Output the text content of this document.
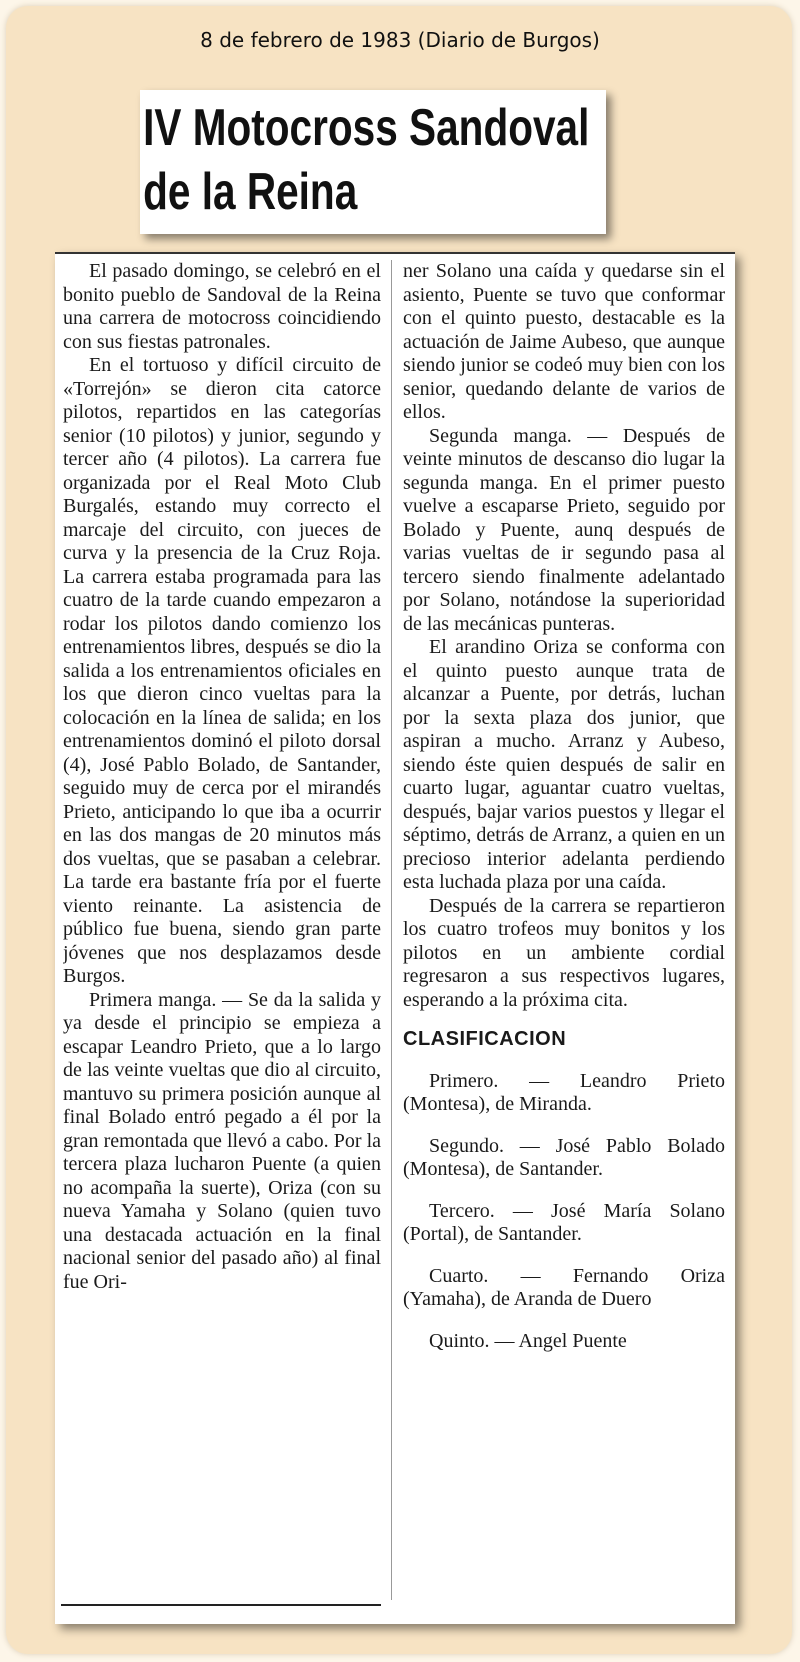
8 de febrero de 1983 (Diario de Burgos)
IV Motocross Sandoval
de la Reina

El pasado domingo, se celebró en el bonito pueblo de Sandoval de la Reina una carrera de motocross coincidiendo con sus fiestas patronales.

En el tortuoso y difícil circuito de «Torrejón» se dieron cita catorce pilotos, repartidos en las categorías senior (10 pilotos) y junior, segundo y tercer año (4 pilotos). La carrera fue organizada por el Real Moto Club Burgalés, estando muy correcto el marcaje del circuito, con jueces de curva y la presencia de la Cruz Roja. La carrera estaba programada para las cuatro de la tarde cuando empezaron a rodar los pilotos dando comienzo los entrenamientos libres, después se dio la salida a los entrenamientos oficiales en los que dieron cinco vueltas para la colocación en la línea de salida; en los entrenamientos dominó el piloto dorsal (4), José Pablo Bolado, de Santander, seguido muy de cerca por el mirandés Prieto, anticipando lo que iba a ocurrir en las dos mangas de 20 minutos más dos vueltas, que se pasaban a celebrar. La tarde era bastante fría por el fuerte viento reinante. La asistencia de público fue buena, siendo gran parte jóvenes que nos desplazamos desde Burgos.

Primera manga. — Se da la salida y ya desde el principio se empieza a escapar Leandro Prieto, que a lo largo de las veinte vueltas que dio al circuito, mantuvo su primera posición aunque al final Bolado entró pegado a él por la gran remontada que llevó a cabo. Por la tercera plaza lucharon Puente (a quien no acompaña la suerte), Oriza (con su nueva Yamaha y Solano (quien tuvo una destacada actuación en la final nacional senior del pasado año) al final fue Ori-

ner Solano una caída y quedarse sin el asiento, Puente se tuvo que conformar con el quinto puesto, destacable es la actuación de Jaime Aubeso, que aunque siendo junior se codeó muy bien con los senior, quedando delante de varios de ellos.

Segunda manga. — Después de veinte minutos de descanso dio lugar la segunda manga. En el primer puesto vuelve a escaparse Prieto, seguido por Bolado y Puente, aunq después de varias vueltas de ir segundo pasa al tercero siendo finalmente adelantado por Solano, notándose la superioridad de las mecánicas punteras.

El arandino Oriza se conforma con el quinto puesto aunque trata de alcanzar a Puente, por detrás, luchan por la sexta plaza dos junior, que aspiran a mucho. Arranz y Aubeso, siendo éste quien después de salir en cuarto lugar, aguantar cuatro vueltas, después, bajar varios puestos y llegar el séptimo, detrás de Arranz, a quien en un precioso interior adelanta perdiendo esta luchada plaza por una caída.

Después de la carrera se repartieron los cuatro trofeos muy bonitos y los pilotos en un ambiente cordial regresaron a sus respectivos lugares, esperando a la próxima cita.

CLASIFICACION

Primero. — Leandro Prieto (Montesa), de Miranda.

Segundo. — José Pablo Bolado (Montesa), de Santander.

Tercero. — José María Solano (Portal), de Santander.

Cuarto. — Fernando Oriza (Yamaha), de Aranda de Duero

Quinto. — Angel Puente
